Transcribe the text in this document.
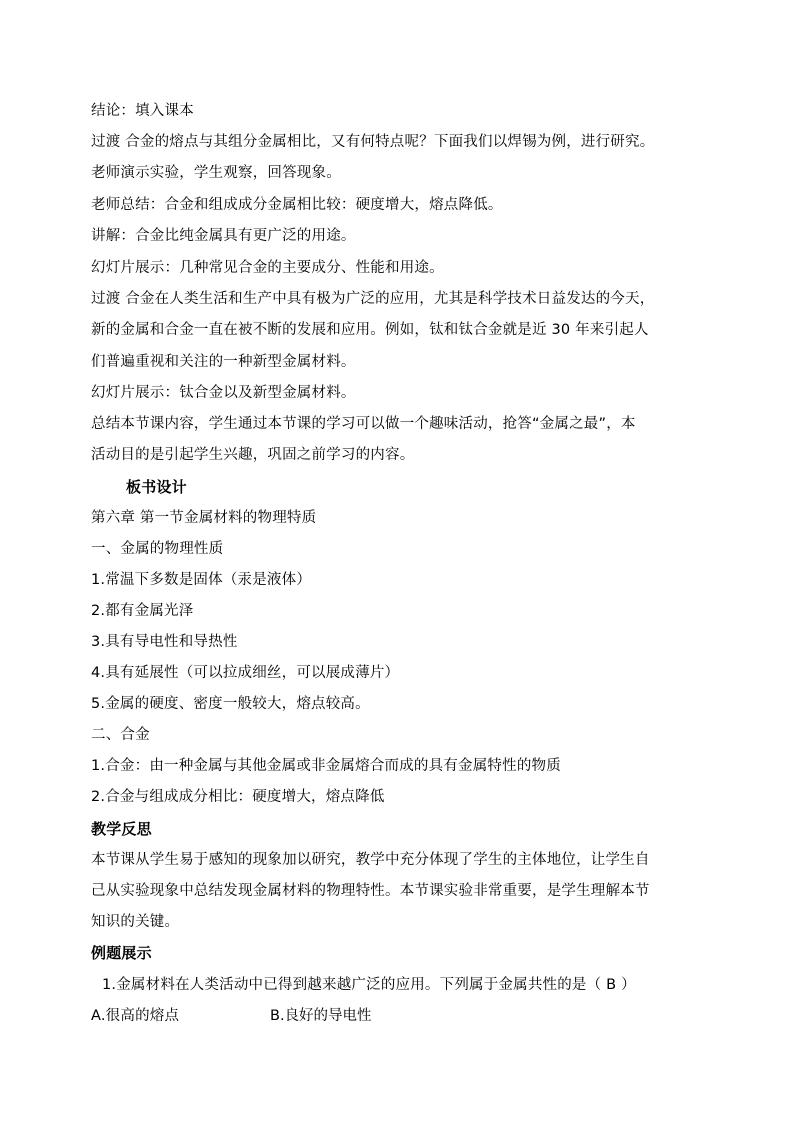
结论：填入课本
过渡 合金的熔点与其组分金属相比，又有何特点呢？下面我们以焊锡为例，进行研究。
老师演示实验，学生观察，回答现象。
老师总结：合金和组成成分金属相比较：硬度增大，熔点降低。
讲解：合金比纯金属具有更广泛的用途。
幻灯片展示：几种常见合金的主要成分、性能和用途。
过渡 合金在人类生活和生产中具有极为广泛的应用，尤其是科学技术日益发达的今天，
新的金属和合金一直在被不断的发展和应用。例如，钛和钛合金就是近 30 年来引起人
们普遍重视和关注的一种新型金属材料。
幻灯片展示：钛合金以及新型金属材料。
总结本节课内容，学生通过本节课的学习可以做一个趣味活动，抢答“金属之最”，本
活动目的是引起学生兴趣，巩固之前学习的内容。
板书设计
第六章 第一节金属材料的物理特质
一、金属的物理性质
1.常温下多数是固体（汞是液体）
2.都有金属光泽
3.具有导电性和导热性
4.具有延展性（可以拉成细丝，可以展成薄片）
5.金属的硬度、密度一般较大，熔点较高。
二、合金
1.合金：由一种金属与其他金属或非金属熔合而成的具有金属特性的物质
2.合金与组成成分相比：硬度增大，熔点降低
教学反思
本节课从学生易于感知的现象加以研究，教学中充分体现了学生的主体地位，让学生自
己从实验现象中总结发现金属材料的物理特性。本节课实验非常重要，是学生理解本节
知识的关键。
例题展示
1.金属材料在人类活动中已得到越来越广泛的应用。下列属于金属共性的是（ B ）
A.很高的熔点	B.良好的导电性
